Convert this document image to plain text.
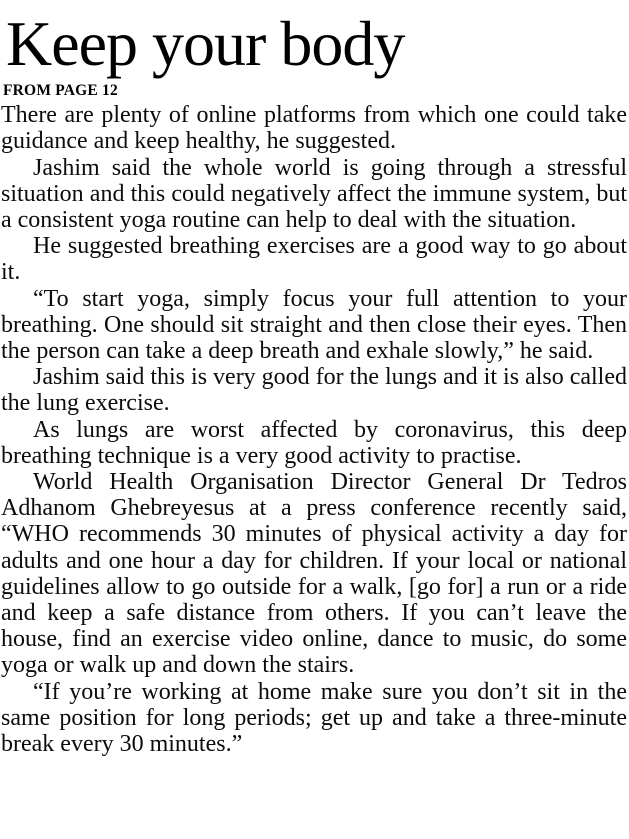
Keep your body
FROM PAGE 12

There are plenty of online platforms from which one could take guidance and keep healthy, he suggested.

Jashim said the whole world is going through a stressful situation and this could negatively affect the immune system, but a consistent yoga routine can help to deal with the situation.

He suggested breathing exercises are a good way to go about it.

“To start yoga, simply focus your full attention to your breathing. One should sit straight and then close their eyes. Then the person can take a deep breath and exhale slowly,” he said.

Jashim said this is very good for the lungs and it is also called the lung exercise.

As lungs are worst affected by coronavirus, this deep breathing technique is a very good activity to practise.

World Health Organisation Director General Dr Tedros Adhanom Ghebreyesus at a press conference recently said, “WHO recommends 30 minutes of physical activity a day for adults and one hour a day for children. If your local or national guidelines allow to go outside for a walk, [go for] a run or a ride and keep a safe distance from others. If you can’t leave the house, find an exercise video online, dance to music, do some yoga or walk up and down the stairs.

“If you’re working at home make sure you don’t sit in the same position for long periods; get up and take a three-minute break every 30 minutes.”
